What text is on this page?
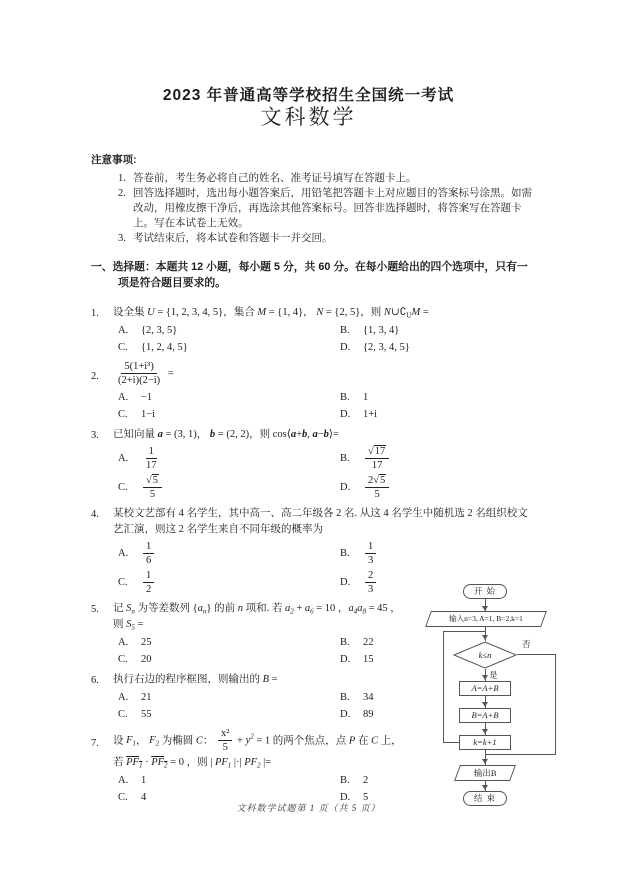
2023 年普通高等学校招生全国统一考试
文科数学
注意事项:
1. 答卷前，考生务必将自己的姓名、准考证号填写在答题卡上。
2. 回答选择题时，选出每小题答案后，用铅笔把答题卡上对应题目的答案标号涂黑。如需改动，用橡皮擦干净后，再选涂其他答案标号。回答非选择题时，将答案写在答题卡上。写在本试卷上无效。
3. 考试结束后，将本试卷和答题卡一并交回。
一、选择题：本题共 12 小题，每小题 5 分，共 60 分。在每小题给出的四个选项中，只有一项是符合题目要求的。
1. 设全集 U = {1, 2, 3, 4, 5}，集合 M = {1, 4}， N = {2, 5}，则 $N\cup∁_UM$ =
A.	{2, 3, 5}	B.	{1, 3, 4}
C.	{1, 2, 4, 5}	D.	{2, 3, 4, 5}
2. $\frac{\text{5(1+i³)}}{(2+i)(2-i)}$ =
A.	−1	B.	1
C.	1−i	D.	1+i
3. 已知向量 a = (3, 1)， b = (2, 2)，则 cos⟨a+b, a−b⟩=
A.	$\frac{1}{17}$	B.	$\frac{√17}{17}$
C.	$\frac{√5}{5}$	D.	$\frac{2√5}{5}$
4. 某校文艺部有 4 名学生，其中高一、高二年级各 2 名. 从这 4 名学生中随机选 2 名组织校文艺汇演，则这 2 名学生来自不同年级的概率为
A.	$\frac{1}{6}$	B.	$\frac{1}{3}$
C.	$\frac{1}{2}$	D.	$\frac{2}{3}$
5. 记 $S_n$ 为等差数列 $\{a_n\}$ 的前 n 项和. 若 $a_2 + a_6 = 10$ ，$a_4a_8 = 45$ ，
则 $S_5$ =
A.	25	B.	22
C.	20	D.	15
6. 执行右边的程序框图，则输出的 B =
A.	21	B.	34
C.	55	D.	89
7. 设 $F_1$， $F_2$ 为椭圆 C： $\frac{\text{x²}}{5} + y^2 = 1$ 的两个焦点，点 P 在 C 上，
若 $PF_1 \cdot PF_2 = 0$ ，则 | $PF_1$ |·| $PF_2$ |=
A.	1	B.	2
C.	4	D.	5
开 始
输入n=3, A=1, B=2,k=1
k≤n
否
是
A=A+B
B=A+B
k=k+1
输出B
结 束
文科数学试题第 1 页（共 5 页）
